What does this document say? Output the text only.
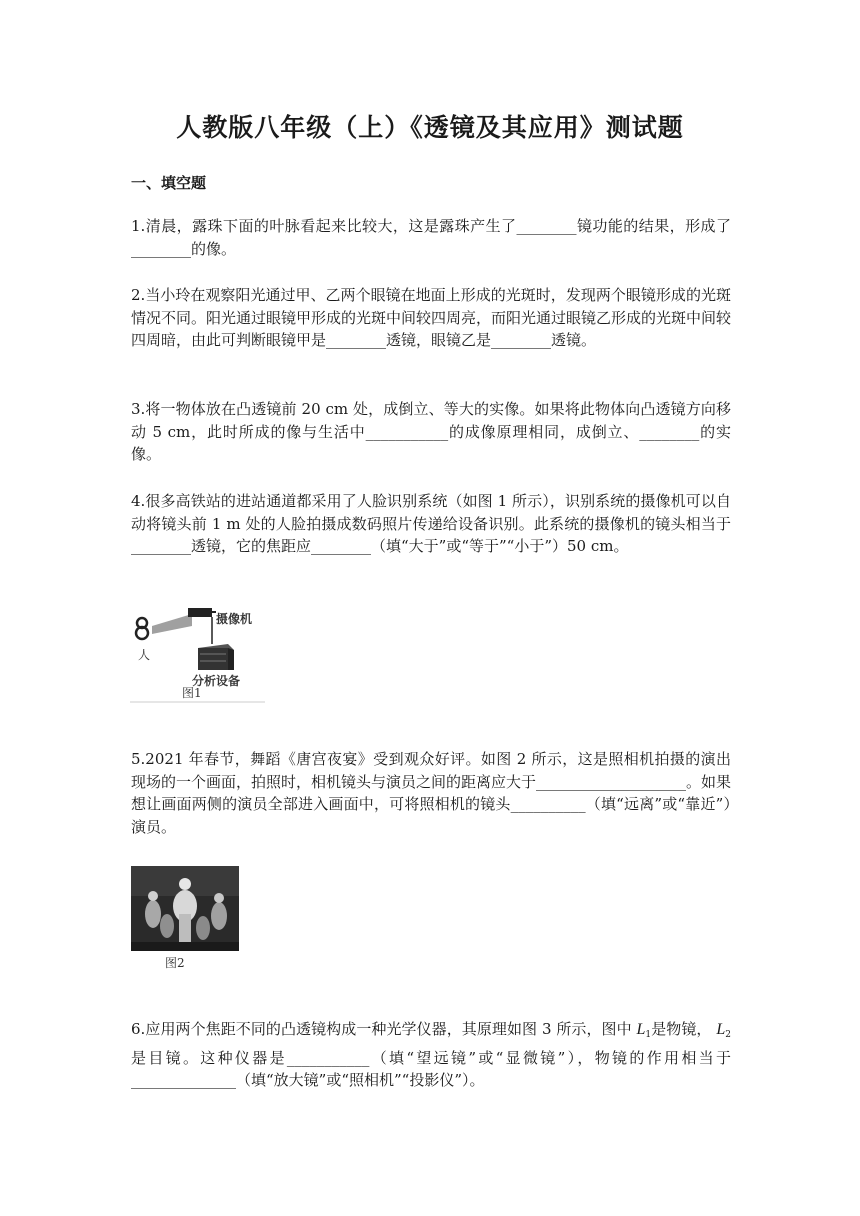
人教版八年级（上）《透镜及其应用》测试题
一、填空题

1.清晨，露珠下面的叶脉看起来比较大，这是露珠产生了________镜功能的结果，形成了________的像。

2.当小玲在观察阳光通过甲、乙两个眼镜在地面上形成的光斑时，发现两个眼镜形成的光斑情况不同。阳光通过眼镜甲形成的光斑中间较四周亮，而阳光通过眼镜乙形成的光斑中间较四周暗，由此可判断眼镜甲是________透镜，眼镜乙是________透镜。

3.将一物体放在凸透镜前 20 cm 处，成倒立、等大的实像。如果将此物体向凸透镜方向移动 5 cm，此时所成的像与生活中___________的成像原理相同，成倒立、________的实像。

4.很多高铁站的进站通道都采用了人脸识别系统（如图 1 所示），识别系统的摄像机可以自动将镜头前 1 m 处的人脸拍摄成数码照片传递给设备识别。此系统的摄像机的镜头相当于________透镜，它的焦距应________（填“大于”或“等于”“小于”）50 cm。

摄像机
人
分析设备
图1

5.2021 年春节，舞蹈《唐宫夜宴》受到观众好评。如图 2 所示，这是照相机拍摄的演出现场的一个画面，拍照时，相机镜头与演员之间的距离应大于____________________。如果想让画面两侧的演员全部进入画面中，可将照相机的镜头__________（填“远离”或“靠近”）演员。

图2

6.应用两个焦距不同的凸透镜构成一种光学仪器，其原理如图 3 所示，图中 $L_1$是物镜， $L_2$是目镜。这种仪器是___________（填“望远镜”或“显微镜”），物镜的作用相当于______________（填“放大镜”或“照相机”“投影仪”）。
